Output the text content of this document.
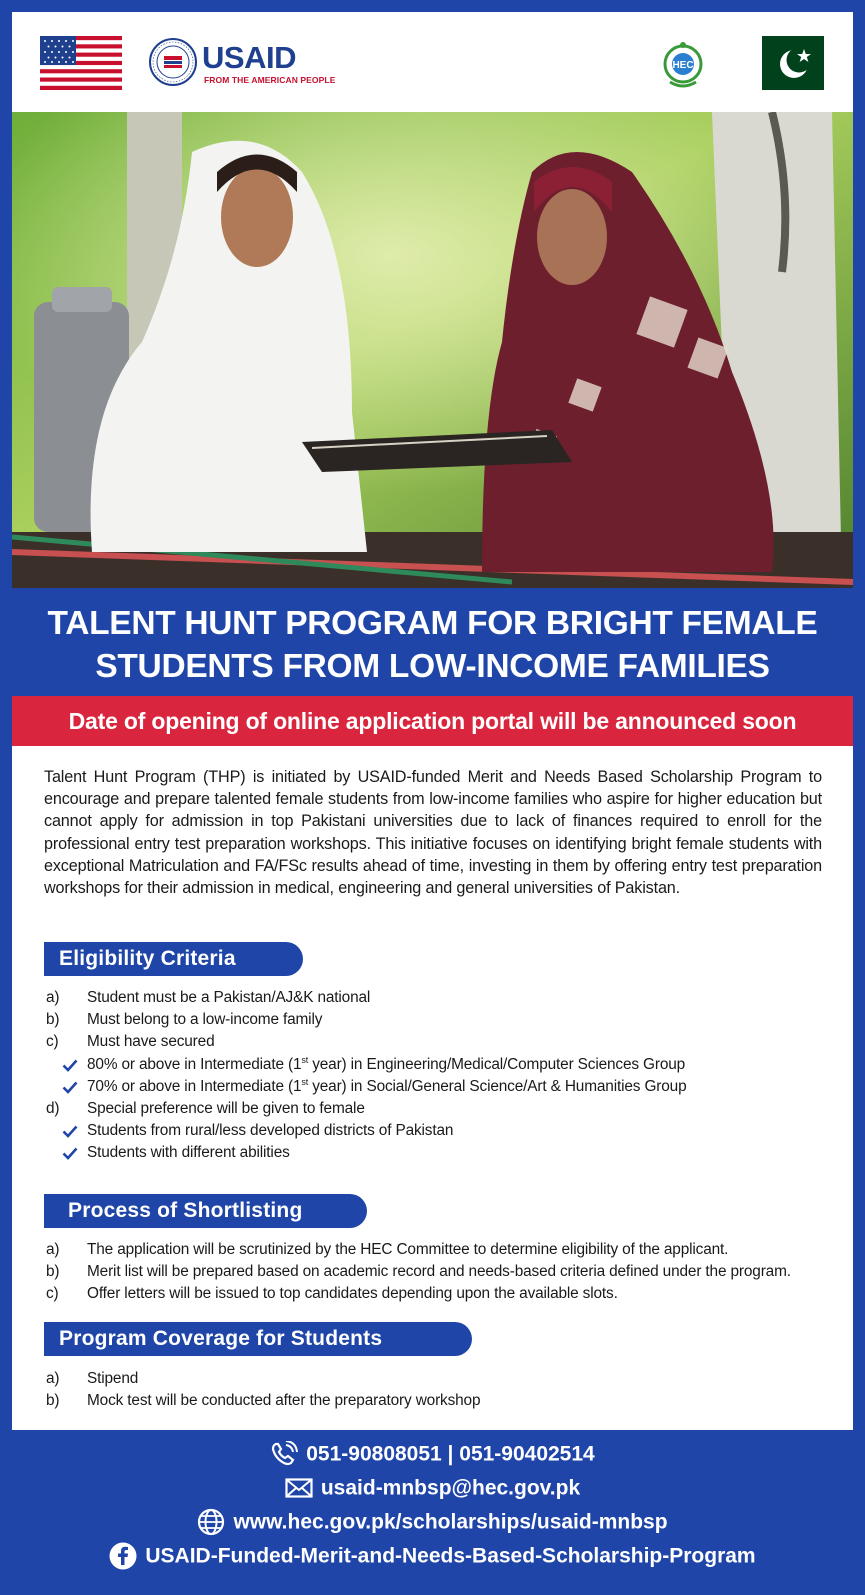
USAID
FROM THE AMERICAN PEOPLE
HEC
TALENT HUNT PROGRAM FOR BRIGHT FEMALE
STUDENTS FROM LOW-INCOME FAMILIES
Date of opening of online application portal will be announced soon
Talent Hunt Program (THP) is initiated by USAID-funded Merit and Needs Based Scholarship Program to encourage and prepare talented female students from low-income families who aspire for higher education but cannot apply for admission in top Pakistani universities due to lack of finances required to enroll for the professional entry test preparation workshops. This initiative focuses on identifying bright female students with exceptional Matriculation and FA/FSc results ahead of time, investing in them by offering entry test preparation workshops for their admission in medical, engineering and general universities of Pakistan.
Eligibility Criteria
a) Student must be a Pakistan/AJ&K national
b) Must belong to a low-income family
c) Must have secured
80% or above in Intermediate (1st year) in Engineering/Medical/Computer Sciences Group
70% or above in Intermediate (1st year) in Social/General Science/Art & Humanities Group
d) Special preference will be given to female
Students from rural/less developed districts of Pakistan
Students with different abilities
Process of Shortlisting
a) The application will be scrutinized by the HEC Committee to determine eligibility of the applicant.
b) Merit list will be prepared based on academic record and needs-based criteria defined under the program.
c) Offer letters will be issued to top candidates depending upon the available slots.
Program Coverage for Students
a) Stipend
b) Mock test will be conducted after the preparatory workshop
051-90808051 | 051-90402514
usaid-mnbsp@hec.gov.pk
www.hec.gov.pk/scholarships/usaid-mnbsp
USAID-Funded-Merit-and-Needs-Based-Scholarship-Program
